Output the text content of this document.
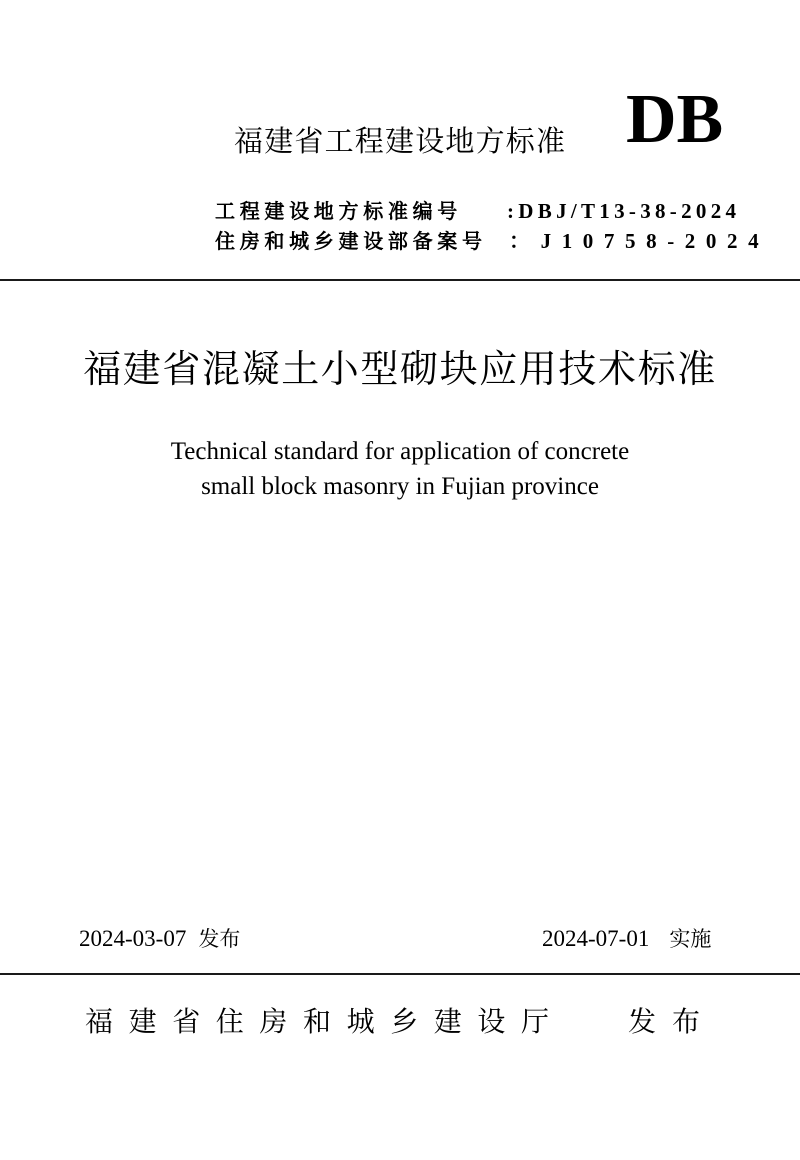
福建省工程建设地方标准 DB
工程建设地方标准编号	:DBJ/T13-38-2024
住房和城乡建设部备案号 ：J10758-2024
福建省混凝土小型砌块应用技术标准
Technical standard for application of concrete
small block masonry in Fujian province
2024-03-07 发布	2024-07-01 实施
福建省住房和城乡建设厅 发布
